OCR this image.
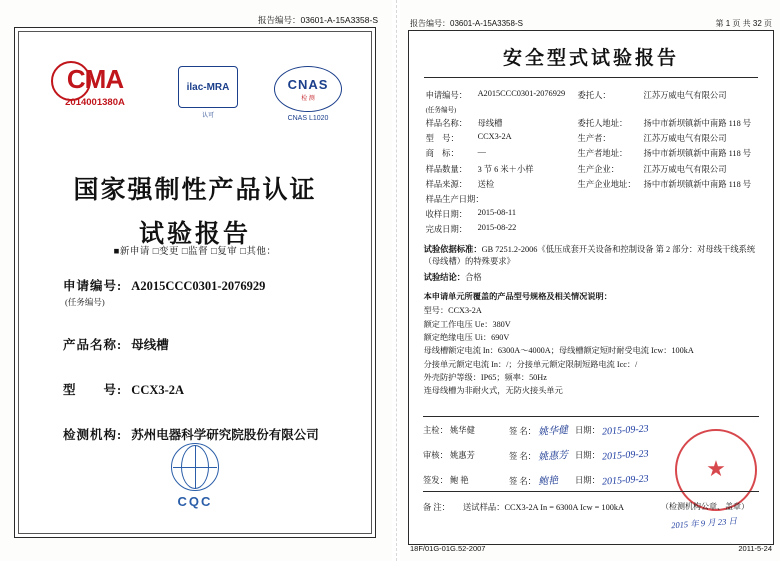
报告编号：03601-A-15A3358-S
CMA
2014001380A
ilac-MRA
认可
CNAS
检 测
CNAS L1020
国家强制性产品认证
试验报告
■新申请 □变更 □监督 □复审 □其他：
申请编号: A2015CCC0301-2076929
(任务编号)
产品名称: 母线槽
型　　号: CCX3-2A
检测机构: 苏州电器科学研究院股份有限公司
CQC
报告编号：03601-A-15A3358-S	第 1 页 共 32 页
安全型式试验报告
申请编号：	A2015CCC0301-2076929	委托人：	江苏万威电气有限公司
(任务编号)			
样品名称：	母线槽	委托人地址：	扬中市新坝镇新中南路 118 号
型　号：	CCX3-2A	生产者：	江苏万威电气有限公司
商　标：	—	生产者地址：	扬中市新坝镇新中南路 118 号
样品数量：	3 节 6 米＋小样	生产企业：	江苏万威电气有限公司
样品来源：	送检	生产企业地址：	扬中市新坝镇新中南路 118 号
样品生产日期：			
收样日期：	2015-08-11		
完成日期：	2015-08-22		

试验依据标准：GB 7251.2-2006《低压成套开关设备和控制设备 第 2 部分：对母线干线系统（母线槽）的特殊要求》

试验结论：合格

本申请单元所覆盖的产品型号规格及相关情况说明：
型号：CCX3-2A
额定工作电压 Ue：380V
额定绝缘电压 Ui：690V
母线槽额定电流 In：6300A～4000A；母线槽额定短时耐受电流 Icw：100kA
分接单元额定电流 In：/；分接单元额定限制短路电流 Icc：/
外壳防护等级：IP65；频率：50Hz
连母线槽为非耐火式，无防火接头单元
主检： 姚华健	签 名： 姚华健 日期： 2015-09-23
审核： 姚惠芳	签 名： 姚惠芳 日期： 2015-09-23
签发： 鲍 艳	签 名： 鲍艳	日期： 2015-09-23
★
（检测机构公章、盖章）
2015 年 9 月 23 日
备 注：	送试样品：CCX3-2A In = 6300A Icw = 100kA
18F/01G-01G.52-2007	2011-5-24
